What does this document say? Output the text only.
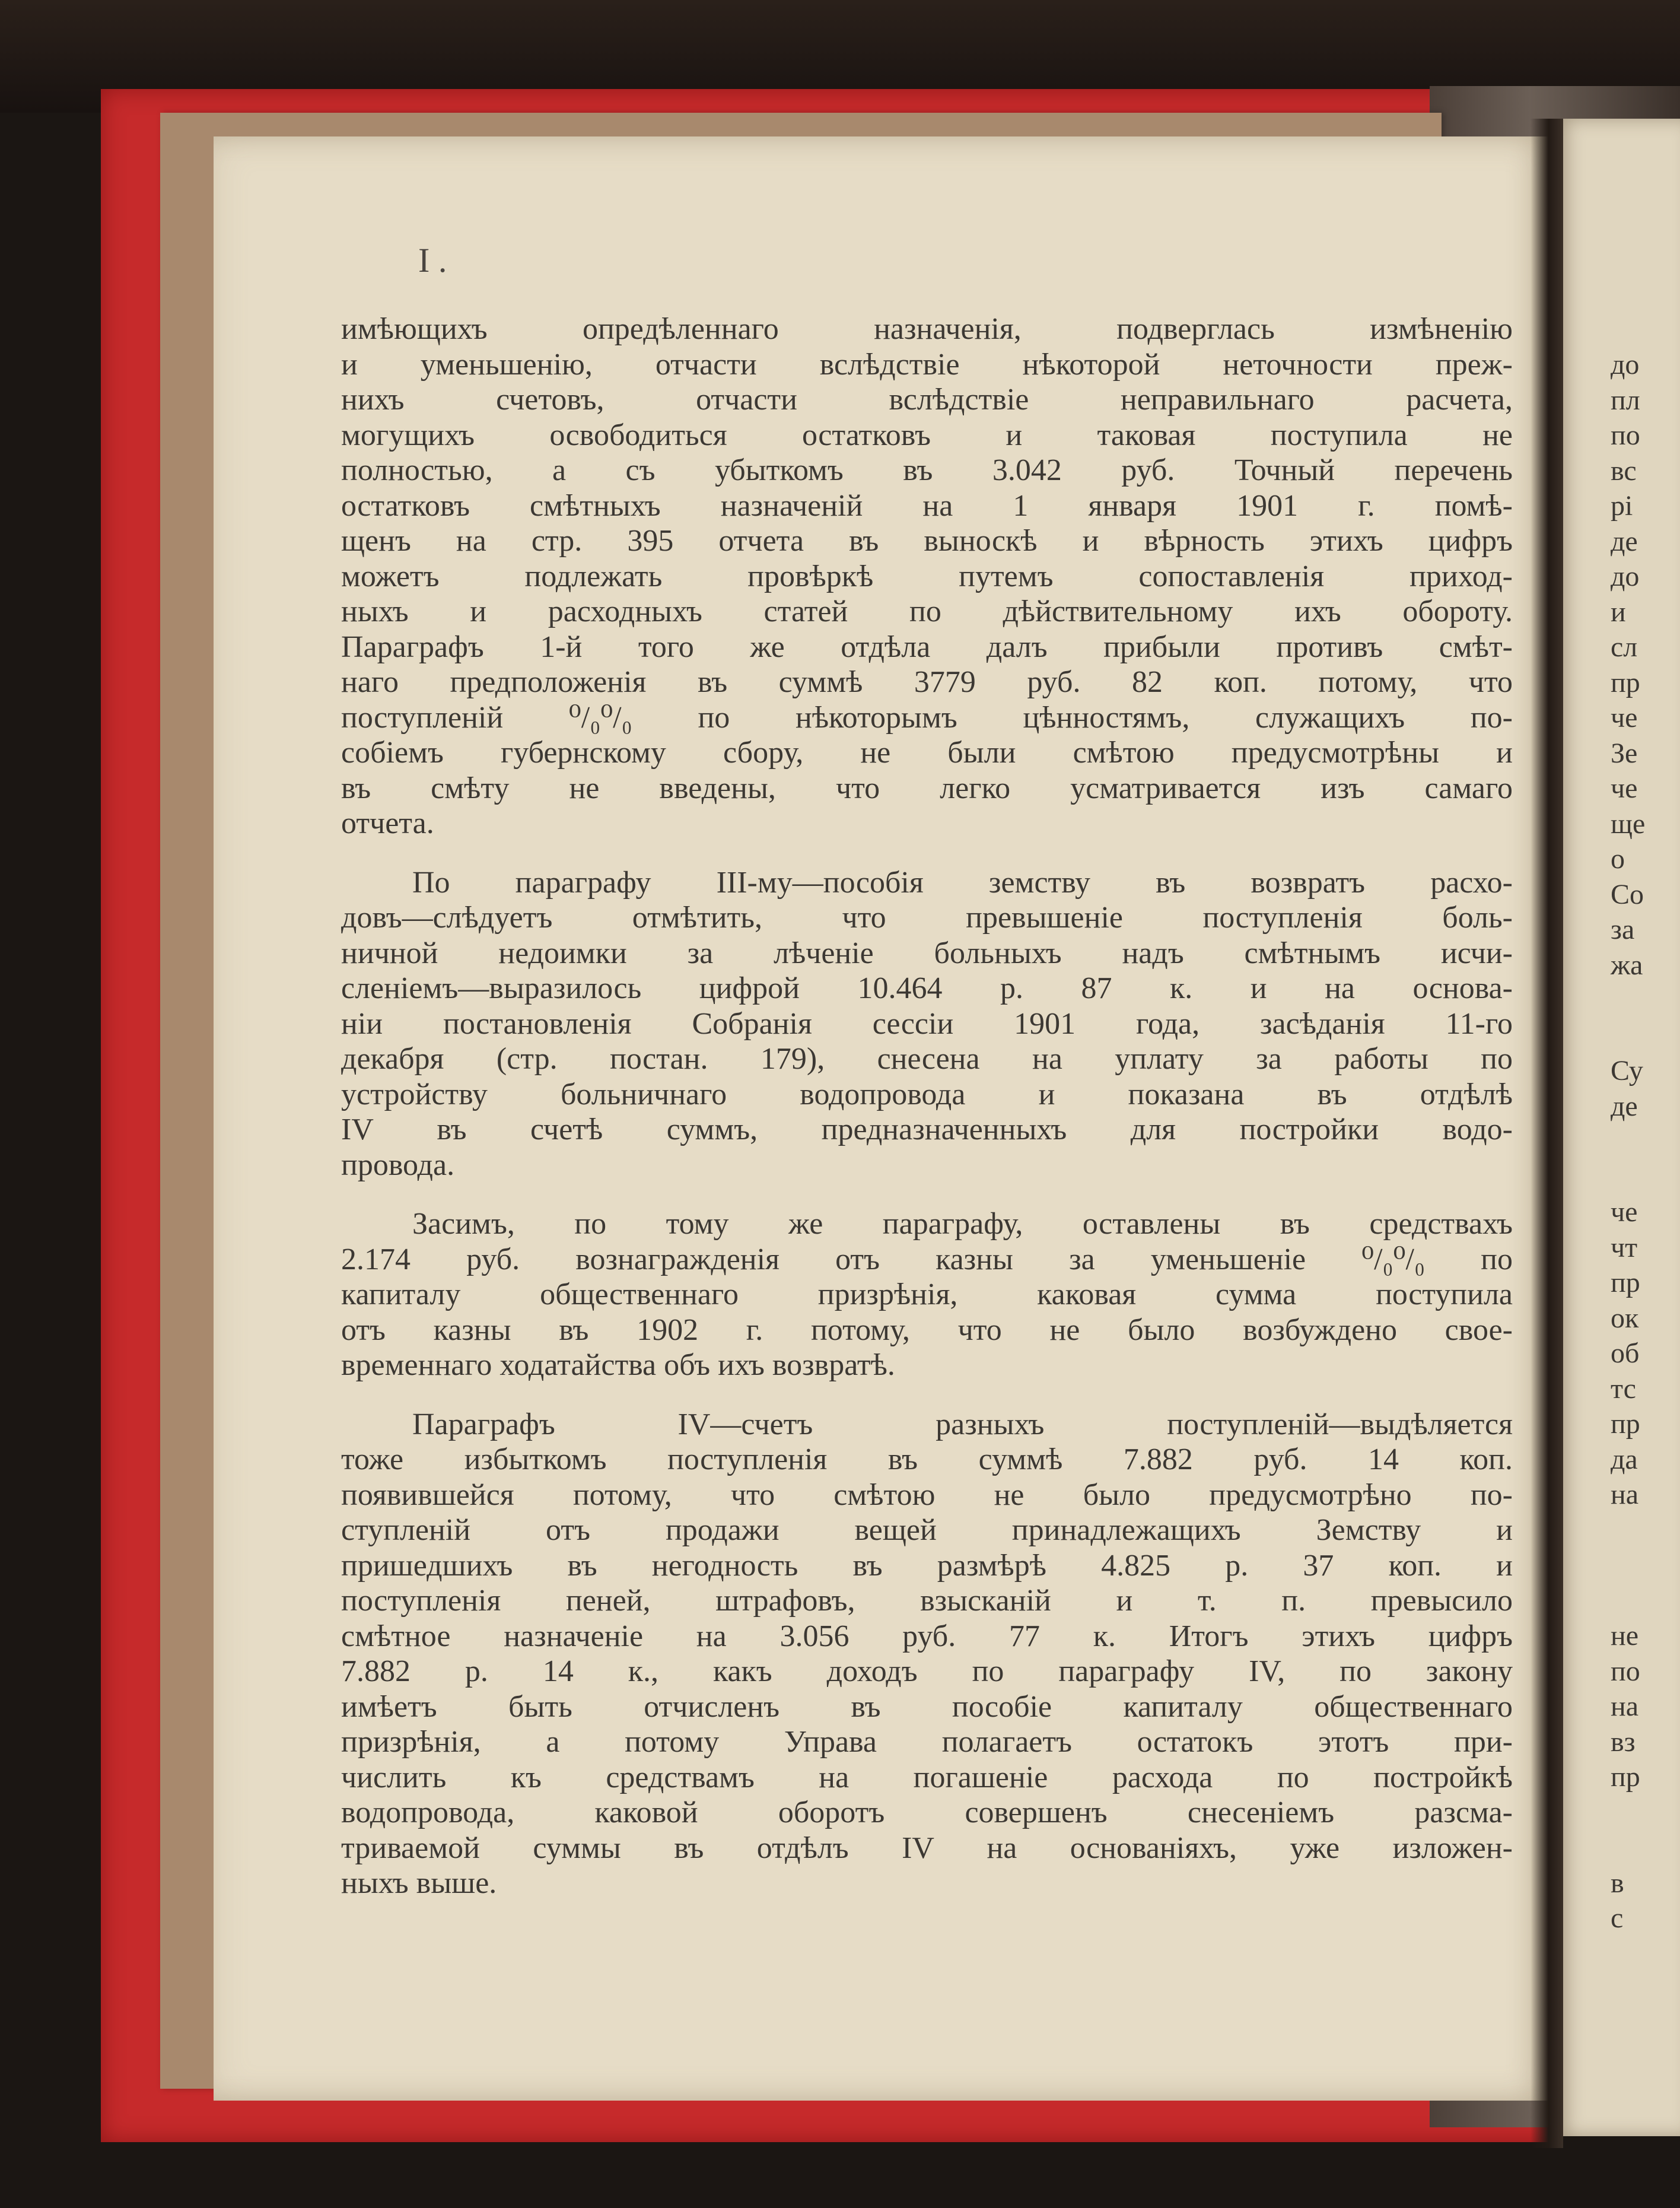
I .
имѣющихъ опредѣленнаго назначенія, подверглась измѣненію
и уменьшенію, отчасти вслѣдствіе нѣкоторой неточности преж-
нихъ счетовъ, отчасти вслѣдствіе неправильнаго расчета,
могущихъ освободиться остатковъ и таковая поступила не
полностью, а съ убыткомъ въ 3.042 руб. Точный перечень
остатковъ смѣтныхъ назначеній на 1 января 1901 г. помѣ-
щенъ на стр. 395 отчета въ выноскѣ и вѣрность этихъ цифръ
можетъ подлежать провѣркѣ путемъ сопоставленія приход-
ныхъ и расходныхъ статей по дѣйствительному ихъ обороту.
Параграфъ 1-й того же отдѣла далъ прибыли противъ смѣт-
наго предположенія въ суммѣ 3779 руб. 82 коп. потому, что
поступленій ⁰/₀⁰/₀ по нѣкоторымъ цѣнностямъ, служащихъ по-
собіемъ губернскому сбору, не были смѣтою предусмотрѣны и
въ смѣту не введены, что легко усматривается изъ самаго
отчета.
По параграфу III-му—пособія земству въ возвратъ расхо-
довъ—слѣдуетъ отмѣтить, что превышеніе поступленія боль-
ничной недоимки за лѣченіе больныхъ надъ смѣтнымъ исчи-
сленіемъ—выразилось цифрой 10.464 р. 87 к. и на основа-
ніи постановленія Собранія сессіи 1901 года, засѣданія 11-го
декабря (стр. постан. 179), снесена на уплату за работы по
устройству больничнаго водопровода и показана въ отдѣлѣ
IV въ счетѣ суммъ, предназначенныхъ для постройки водо-
провода.
Засимъ, по тому же параграфу, оставлены въ средствахъ
2.174 руб. вознагражденія отъ казны за уменьшеніе ⁰/₀⁰/₀ по
капиталу общественнаго призрѣнія, каковая сумма поступила
отъ казны въ 1902 г. потому, что не было возбуждено свое-
временнаго ходатайства объ ихъ возвратѣ.
Параграфъ IV—счетъ разныхъ поступленій—выдѣляется
тоже избыткомъ поступленія въ суммѣ 7.882 руб. 14 коп.
появившейся потому, что смѣтою не было предусмотрѣно по-
ступленій отъ продажи вещей принадлежащихъ Земству и
пришедшихъ въ негодность въ размѣрѣ 4.825 р. 37 коп. и
поступленія пеней, штрафовъ, взысканій и т. п. превысило
смѣтное назначеніе на 3.056 руб. 77 к. Итогъ этихъ цифръ
7.882 р. 14 к., какъ доходъ по параграфу IV, по закону
имѣетъ быть отчисленъ въ пособіе капиталу общественнаго
призрѣнія, а потому Управа полагаетъ остатокъ этотъ при-
числить къ средствамъ на погашеніе расхода по постройкѣ
водопровода, каковой оборотъ совершенъ снесеніемъ разсма-
триваемой суммы въ отдѣлъ IV на основаніяхъ, уже изложен-
ныхъ выше.
до
пл
по
вс
рі
де
до
и
сл
пр
че
Зе
че
ще
о
Со
за
жа
Су
де
че
чт
пр
ок
об
тс
пр
да
на
не
по
на
вз
пр
в
с
